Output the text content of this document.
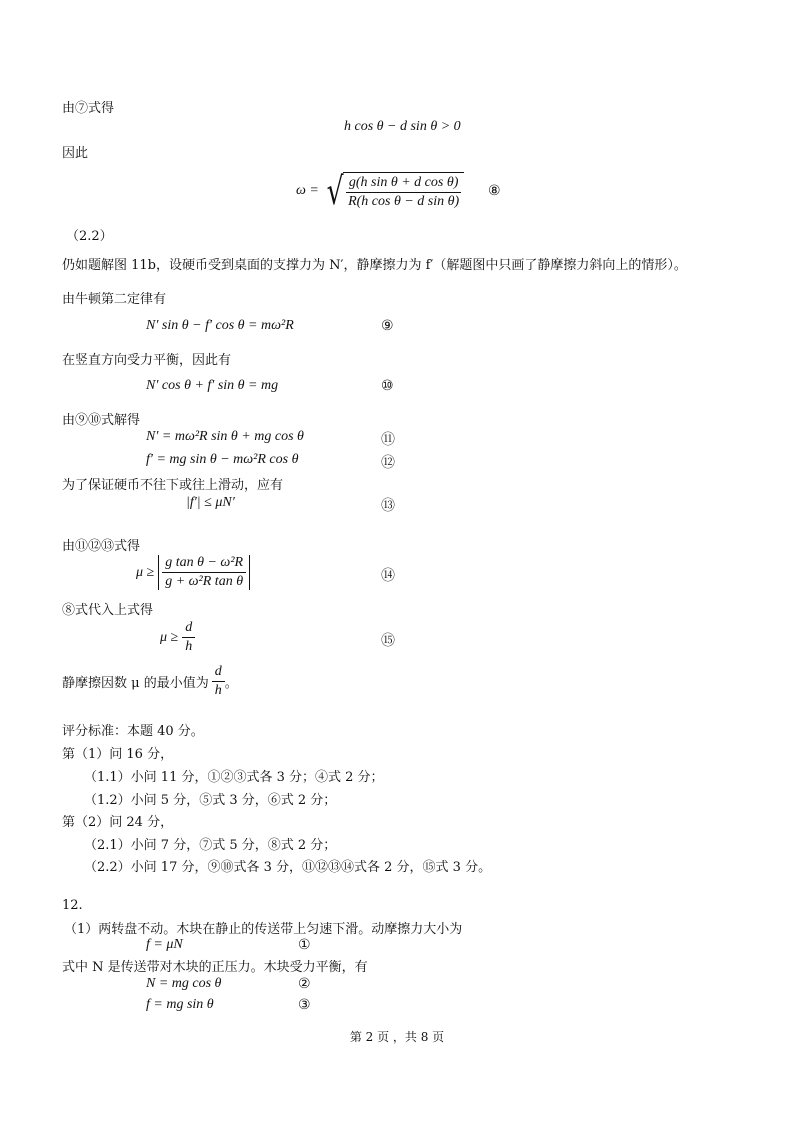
由⑦式得
h cos θ − d sin θ > 0
因此
ω = √ $\frac{\text{g(h sin θ + d cos θ)}}{\text{R(h cos θ − d sin θ)}}$ ⑧
（2.2）
仍如题解图 11b，设硬币受到桌面的支撑力为 N′，静摩擦力为 f′（解题图中只画了静摩擦力斜向上的情形）。
由牛顿第二定律有
N′ sin θ − f′ cos θ = mω²R	⑨
在竖直方向受力平衡，因此有
N′ cos θ + f′ sin θ = mg	⑩
由⑨⑩式解得
N′ = mω²R sin θ + mg cos θ	⑪
f′ = mg sin θ − mω²R cos θ	⑫
为了保证硬币不往下或往上滑动，应有
|f′| ≤ μN′	⑬
由⑪⑫⑬式得
$\mu \ge \frac{\text{g tan θ − ω²R}}{\text{g + ω²R tan θ}}$	⑭
⑧式代入上式得
$\mu \ge \frac{d}{h}$	⑮
静摩擦因数 μ 的最小值为 $\frac{d}{h}$ 。
评分标准：本题 40 分。
第（1）问 16 分，
（1.1）小问 11 分，①②③式各 3 分；④式 2 分；
（1.2）小问 5 分，⑤式 3 分，⑥式 2 分；
第（2）问 24 分，
（2.1）小问 7 分，⑦式 5 分，⑧式 2 分；
（2.2）小问 17 分，⑨⑩式各 3 分，⑪⑫⑬⑭式各 2 分，⑮式 3 分。
12.
（1）两转盘不动。木块在静止的传送带上匀速下滑。动摩擦力大小为
f = μN	①
式中 N 是传送带对木块的正压力。木块受力平衡，有
N = mg cos θ	②
f = mg sin θ	③
第 2 页 ，共 8 页
